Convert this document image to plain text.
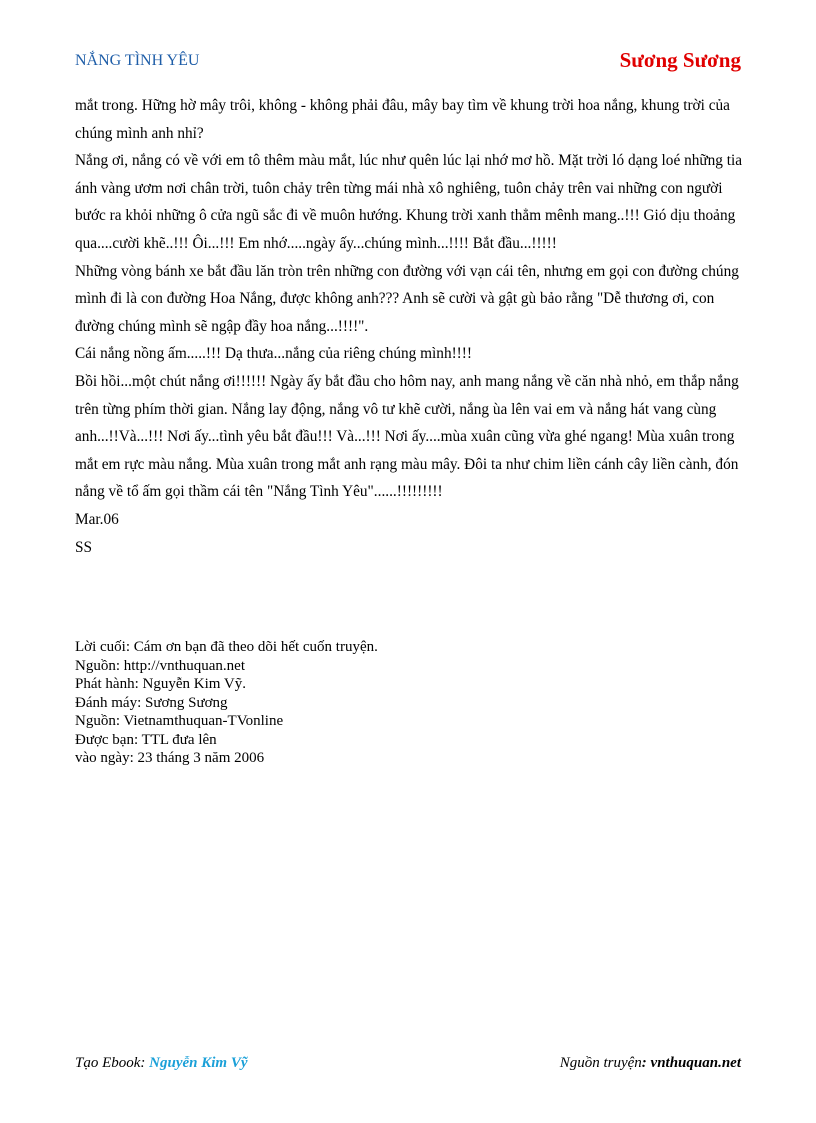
NẮNG TÌNH YÊU	Sương Sương

mắt trong. Hững hờ mây trôi, không - không phải đâu, mây bay tìm về khung trời hoa nắng, khung trời của chúng mình anh nhỉ?

Nắng ơi, nắng có về với em tô thêm màu mắt, lúc như quên lúc lại nhớ mơ hồ. Mặt trời ló dạng loé những tia ánh vàng ươm nơi chân trời, tuôn chảy trên từng mái nhà xô nghiêng, tuôn chảy trên vai những con người bước ra khỏi những ô cửa ngũ sắc đi về muôn hướng. Khung trời xanh thẳm mênh mang..!!! Gió dịu thoảng qua....cười khẽ..!!! Ôi...!!! Em nhớ.....ngày ấy...chúng mình...!!!! Bắt đầu...!!!!!

Những vòng bánh xe bắt đầu lăn tròn trên những con đường với vạn cái tên, nhưng em gọi con đường chúng mình đi là con đường Hoa Nắng, được không anh??? Anh sẽ cười và gật gù bảo rằng "Dễ thương ơi, con đường chúng mình sẽ ngập đầy hoa nắng...!!!!".

Cái nắng nồng ấm.....!!! Dạ thưa...nắng của riêng chúng mình!!!!

Bồi hồi...một chút nắng ơi!!!!!! Ngày ấy bắt đầu cho hôm nay, anh mang nắng về căn nhà nhỏ, em thắp nắng trên từng phím thời gian. Nắng lay động, nắng vô tư khẽ cười, nắng ùa lên vai em và nắng hát vang cùng anh...!!Và...!!! Nơi ấy...tình yêu bắt đầu!!! Và...!!! Nơi ấy....mùa xuân cũng vừa ghé ngang! Mùa xuân trong mắt em rực màu nắng. Mùa xuân trong mắt anh rạng màu mây. Đôi ta như chim liền cánh cây liền cành, đón nắng về tổ ấm gọi thầm cái tên "Nắng Tình Yêu"......!!!!!!!!!

Mar.06

SS

Lời cuối: Cám ơn bạn đã theo dõi hết cuốn truyện.
Nguồn: http://vnthuquan.net
Phát hành: Nguyễn Kim Vỹ.
Đánh máy: Sương Sương
Nguồn: Vietnamthuquan-TVonline
Được bạn: TTL đưa lên
vào ngày: 23 tháng 3 năm 2006
Tạo Ebook: Nguyễn Kim Vỹ	Nguồn truyện: vnthuquan.net
